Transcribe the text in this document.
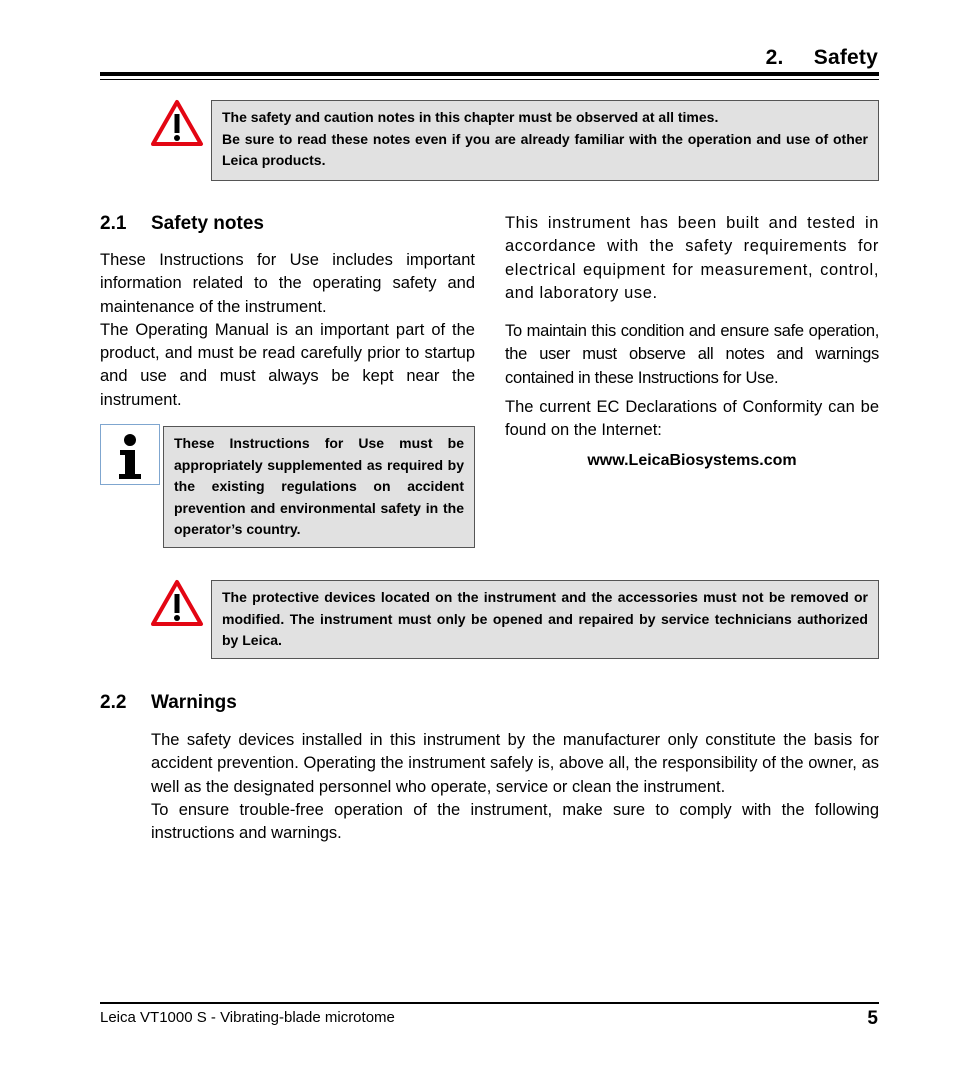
2.     Safety

The safety and caution notes in this chapter must be observed at all times.

Be sure to read these notes even if you are already familiar with the operation and use of other Leica products.

2.1 Safety notes

These Instructions for Use includes important information related to the operating safety and maintenance of the instrument.

The Operating Manual is an important part of the product, and must be read carefully prior to startup and use and must always be kept near the instrument.

These Instructions for Use must be appropriately supplemented as required by the existing regulations on accident prevention and environmental safety in the operator’s country.

This instrument has been built and tested in accordance with the safety requirements for electrical equipment for measurement, control, and laboratory use.

To maintain this condition and ensure safe operation, the user must observe all notes and warnings contained in these Instructions for Use.

The current EC Declarations of Conformity can be found on the Internet:

www.LeicaBiosystems.com

The protective devices located on the instrument and the accessories must not be removed or modified. The instrument must only be opened and repaired by service technicians authorized by Leica.

2.2 Warnings

The safety devices installed in this instrument by the manufacturer only constitute the basis for accident prevention. Operating the instrument safely is, above all, the responsibility of the owner, as well as the designated personnel who operate, service or clean the instrument.

To ensure trouble-free operation of the instrument, make sure to comply with the following instructions and warnings.

Leica VT1000 S - Vibrating-blade microtome	5
